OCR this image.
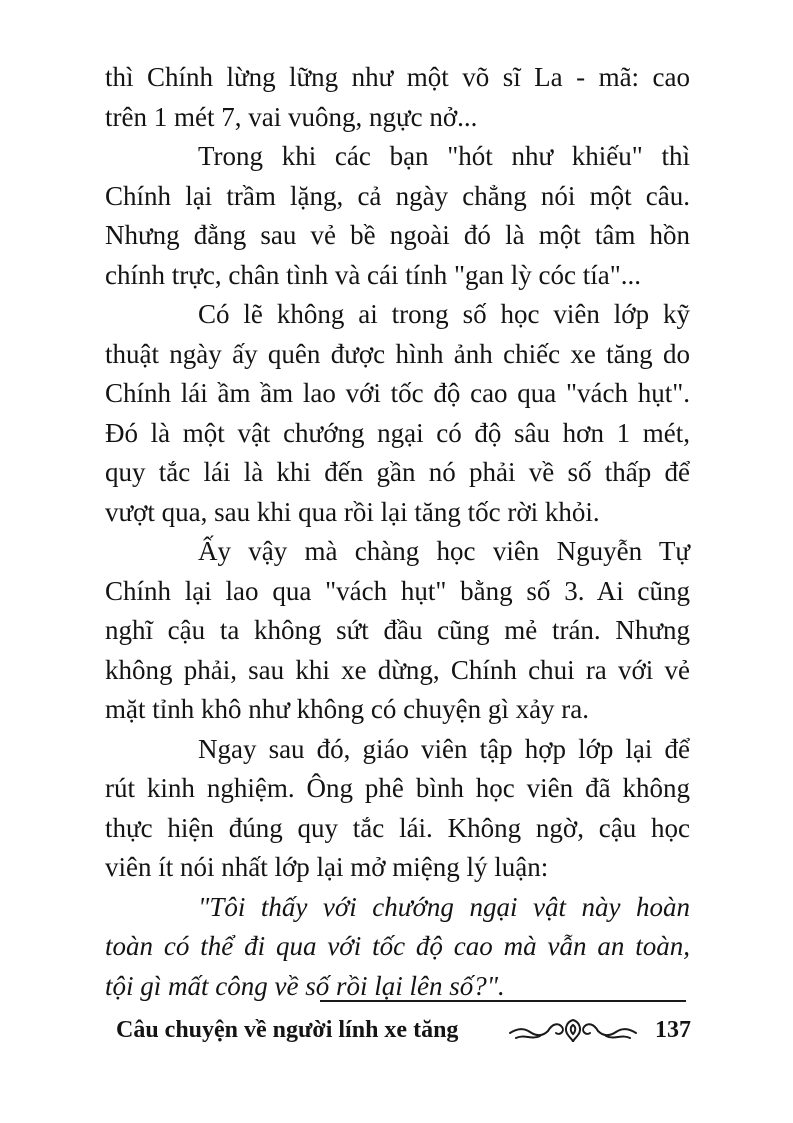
thì Chính lừng lững như một võ sĩ La - mã: cao
trên 1 mét 7, vai vuông, ngực nở...
Trong khi các bạn "hót như khiếu" thì
Chính lại trầm lặng, cả ngày chẳng nói một câu.
Nhưng đằng sau vẻ bề ngoài đó là một tâm hồn
chính trực, chân tình và cái tính "gan lỳ cóc tía"...
Có lẽ không ai trong số học viên lớp kỹ
thuật ngày ấy quên được hình ảnh chiếc xe tăng do
Chính lái ầm ầm lao với tốc độ cao qua "vách hụt".
Đó là một vật chướng ngại có độ sâu hơn 1 mét,
quy tắc lái là khi đến gần nó phải về số thấp để
vượt qua, sau khi qua rồi lại tăng tốc rời khỏi.
Ấy vậy mà chàng học viên Nguyễn Tự
Chính lại lao qua "vách hụt" bằng số 3. Ai cũng
nghĩ cậu ta không sứt đầu cũng mẻ trán. Nhưng
không phải, sau khi xe dừng, Chính chui ra với vẻ
mặt tỉnh khô như không có chuyện gì xảy ra.
Ngay sau đó, giáo viên tập hợp lớp lại để
rút kinh nghiệm. Ông phê bình học viên đã không
thực hiện đúng quy tắc lái. Không ngờ, cậu học
viên ít nói nhất lớp lại mở miệng lý luận:
"Tôi thấy với chướng ngại vật này hoàn
toàn có thể đi qua với tốc độ cao mà vẫn an toàn,
tội gì mất công về số rồi lại lên số?".
Câu chuyện về người lính xe tăng	137
